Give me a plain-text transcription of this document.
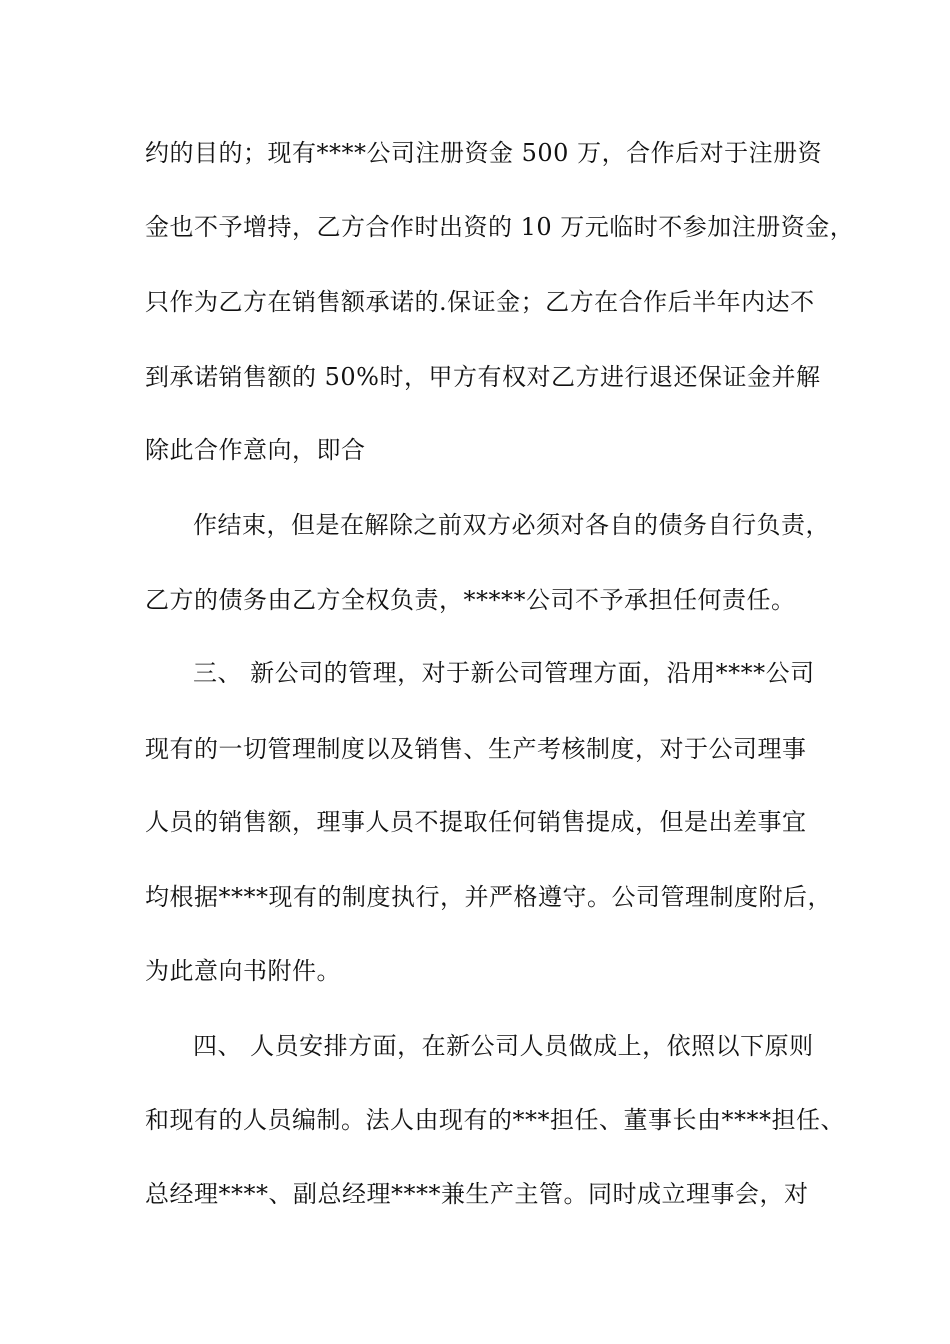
约的目的；现有****公司注册资金 500 万，合作后对于注册资
金也不予增持，乙方合作时出资的 10 万元临时不参加注册资金，
只作为乙方在销售额承诺的.保证金；乙方在合作后半年内达不
到承诺销售额的 50%时，甲方有权对乙方进行退还保证金并解
除此合作意向，即合
作结束，但是在解除之前双方必须对各自的债务自行负责，
乙方的债务由乙方全权负责，*****公司不予承担任何责任。
三、 新公司的管理，对于新公司管理方面，沿用****公司
现有的一切管理制度以及销售、生产考核制度，对于公司理事
人员的销售额，理事人员不提取任何销售提成，但是出差事宜
均根据****现有的制度执行，并严格遵守。公司管理制度附后，
为此意向书附件。
四、 人员安排方面，在新公司人员做成上，依照以下原则
和现有的人员编制。法人由现有的***担任、董事长由****担任、
总经理****、副总经理****兼生产主管。同时成立理事会，对
